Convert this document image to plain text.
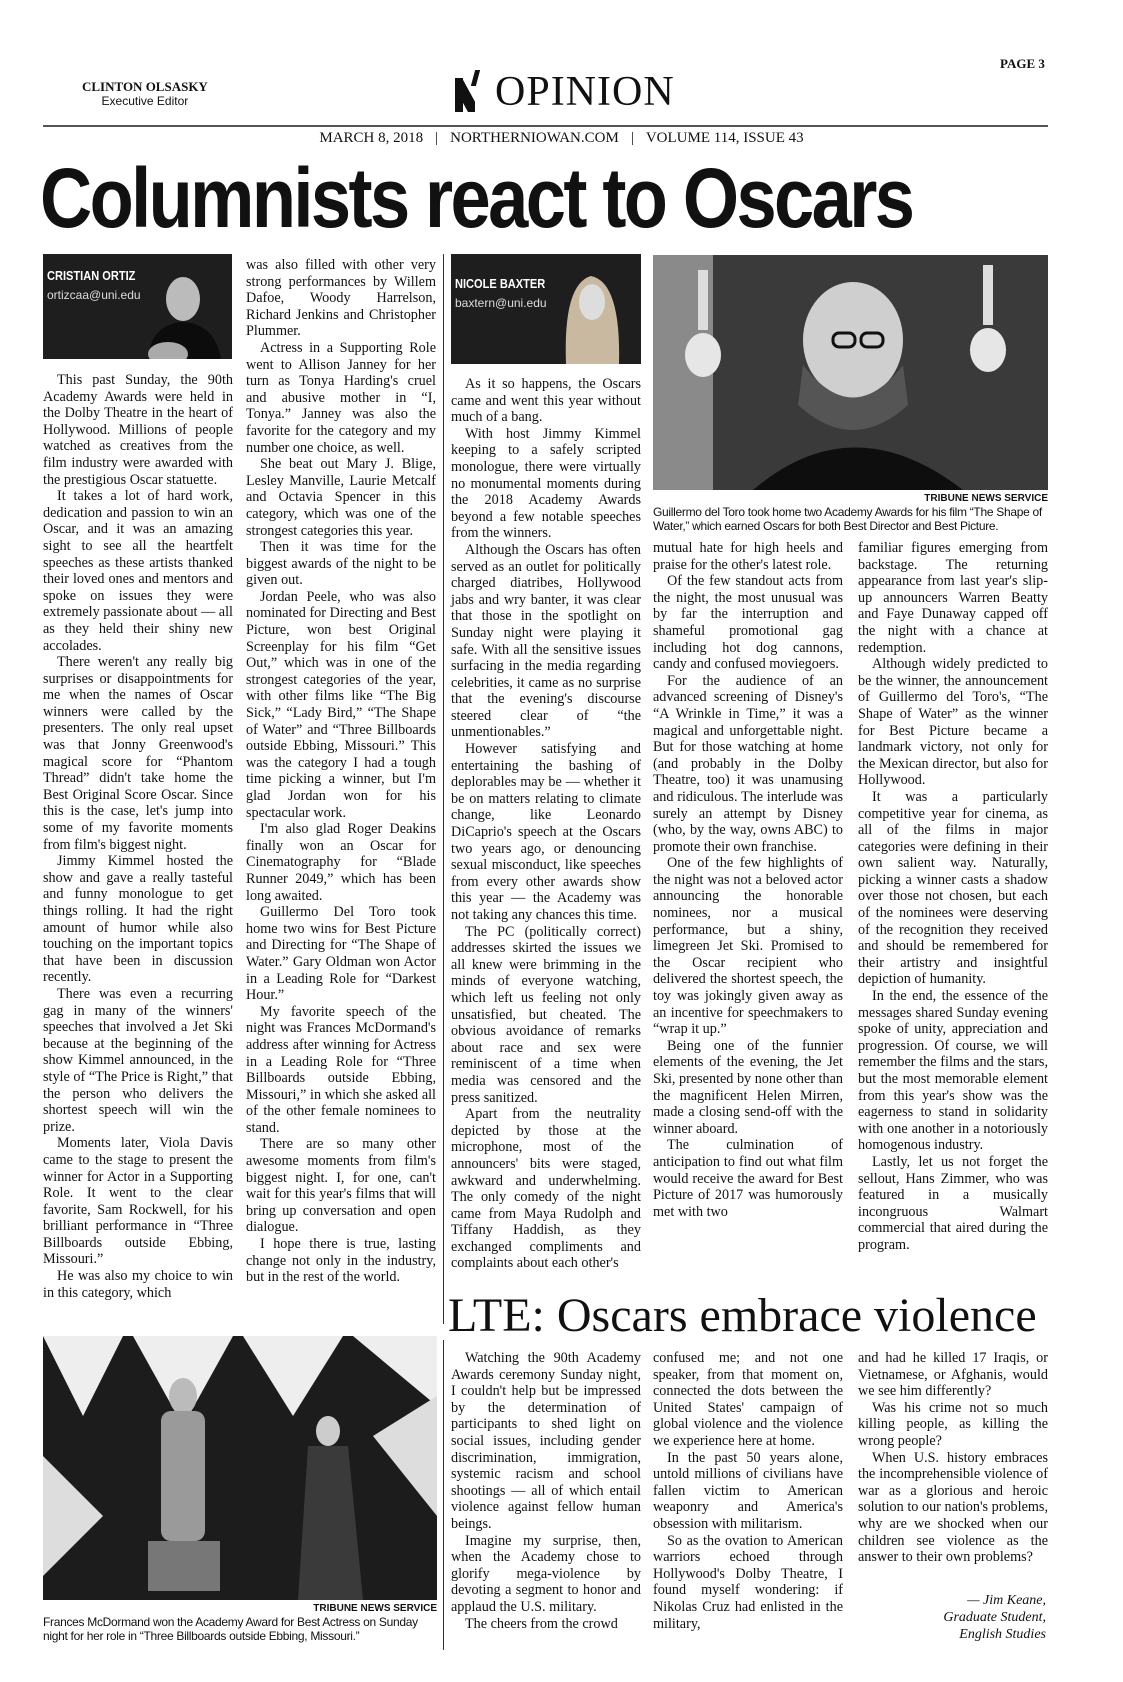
PAGE 3
CLINTON OLSASKY
Executive Editor	OPINION
MARCH 8, 2018 | NORTHERNIOWAN.COM | VOLUME 114, ISSUE 43
Columnists react to Oscars
CRISTIAN ORTIZ
ortizcaa@uni.edu

This past Sunday, the 90th Academy Awards were held in the Dolby Theatre in the heart of Hollywood. Millions of people watched as creatives from the film industry were awarded with the prestigious Oscar statuette.

It takes a lot of hard work, dedication and passion to win an Oscar, and it was an amazing sight to see all the heartfelt speeches as these artists thanked their loved ones and mentors and spoke on issues they were extremely passionate about — all as they held their shiny new accolades.

There weren't any really big surprises or disappointments for me when the names of Oscar winners were called by the presenters. The only real upset was that Jonny Greenwood's magical score for “Phantom Thread” didn't take home the Best Original Score Oscar. Since this is the case, let's jump into some of my favorite moments from film's biggest night.

Jimmy Kimmel hosted the show and gave a really tasteful and funny monologue to get things rolling. It had the right amount of humor while also touching on the important topics that have been in discussion recently.

There was even a recurring gag in many of the winners' speeches that involved a Jet Ski because at the beginning of the show Kimmel announced, in the style of “The Price is Right,” that the person who delivers the shortest speech will win the prize.

Moments later, Viola Davis came to the stage to present the winner for Actor in a Supporting Role. It went to the clear favorite, Sam Rockwell, for his brilliant performance in “Three Billboards outside Ebbing, Missouri.”

He was also my choice to win in this category, which

was also filled with other very strong performances by Willem Dafoe, Woody Harrelson, Richard Jenkins and Christopher Plummer.

Actress in a Supporting Role went to Allison Janney for her turn as Tonya Harding's cruel and abusive mother in “I, Tonya.” Janney was also the favorite for the category and my number one choice, as well.

She beat out Mary J. Blige, Lesley Manville, Laurie Metcalf and Octavia Spencer in this category, which was one of the strongest categories this year.

Then it was time for the biggest awards of the night to be given out.

Jordan Peele, who was also nominated for Directing and Best Picture, won best Original Screenplay for his film “Get Out,” which was in one of the strongest categories of the year, with other films like “The Big Sick,” “Lady Bird,” “The Shape of Water” and “Three Billboards outside Ebbing, Missouri.” This was the category I had a tough time picking a winner, but I'm glad Jordan won for his spectacular work.

I'm also glad Roger Deakins finally won an Oscar for Cinematography for “Blade Runner 2049,” which has been long awaited.

Guillermo Del Toro took home two wins for Best Picture and Directing for “The Shape of Water.” Gary Oldman won Actor in a Leading Role for “Darkest Hour.”

My favorite speech of the night was Frances McDormand's address after winning for Actress in a Leading Role for “Three Billboards outside Ebbing, Missouri,” in which she asked all of the other female nominees to stand.

There are so many other awesome moments from film's biggest night. I, for one, can't wait for this year's films that will bring up conversation and open dialogue.

I hope there is true, lasting change not only in the industry, but in the rest of the world.

NICOLE BAXTER
baxtern@uni.edu

As it so happens, the Oscars came and went this year without much of a bang.

With host Jimmy Kimmel keeping to a safely scripted monologue, there were virtually no monumental moments during the 2018 Academy Awards beyond a few notable speeches from the winners.

Although the Oscars has often served as an outlet for politically charged diatribes, Hollywood jabs and wry banter, it was clear that those in the spotlight on Sunday night were playing it safe. With all the sensitive issues surfacing in the media regarding celebrities, it came as no surprise that the evening's discourse steered clear of “the unmentionables.”

However satisfying and entertaining the bashing of deplorables may be — whether it be on matters relating to climate change, like Leonardo DiCaprio's speech at the Oscars two years ago, or denouncing sexual misconduct, like speeches from every other awards show this year — the Academy was not taking any chances this time.

The PC (politically correct) addresses skirted the issues we all knew were brimming in the minds of everyone watching, which left us feeling not only unsatisfied, but cheated. The obvious avoidance of remarks about race and sex were reminiscent of a time when media was censored and the press sanitized.

Apart from the neutrality depicted by those at the microphone, most of the announcers' bits were staged, awkward and underwhelming. The only comedy of the night came from Maya Rudolph and Tiffany Haddish, as they exchanged compliments and complaints about each other's

mutual hate for high heels and praise for the other's latest role.

Of the few standout acts from the night, the most unusual was by far the interruption and shameful promotional gag including hot dog cannons, candy and confused moviegoers.

For the audience of an advanced screening of Disney's “A Wrinkle in Time,” it was a magical and unforgettable night. But for those watching at home (and probably in the Dolby Theatre, too) it was unamusing and ridiculous. The interlude was surely an attempt by Disney (who, by the way, owns ABC) to promote their own franchise.

One of the few highlights of the night was not a beloved actor announcing the honorable nominees, nor a musical performance, but a shiny, limegreen Jet Ski. Promised to the Oscar recipient who delivered the shortest speech, the toy was jokingly given away as an incentive for speechmakers to “wrap it up.”

Being one of the funnier elements of the evening, the Jet Ski, presented by none other than the magnificent Helen Mirren, made a closing send-off with the winner aboard.

The culmination of anticipation to find out what film would receive the award for Best Picture of 2017 was humorously met with two

familiar figures emerging from backstage. The returning appearance from last year's slip-up announcers Warren Beatty and Faye Dunaway capped off the night with a chance at redemption.

Although widely predicted to be the winner, the announcement of Guillermo del Toro's, “The Shape of Water” as the winner for Best Picture became a landmark victory, not only for the Mexican director, but also for Hollywood.

It was a particularly competitive year for cinema, as all of the films in major categories were defining in their own salient way. Naturally, picking a winner casts a shadow over those not chosen, but each of the nominees were deserving of the recognition they received and should be remembered for their artistry and insightful depiction of humanity.

In the end, the essence of the messages shared Sunday evening spoke of unity, appreciation and progression. Of course, we will remember the films and the stars, but the most memorable element from this year's show was the eagerness to stand in solidarity with one another in a notoriously homogenous industry.

Lastly, let us not forget the sellout, Hans Zimmer, who was featured in a musically incongruous Walmart commercial that aired during the program.

TRIBUNE NEWS SERVICE
Guillermo del Toro took home two Academy Awards for his film “The Shape of Water,” which earned Oscars for both Best Director and Best Picture.
LTE: Oscars embrace violence

Watching the 90th Academy Awards ceremony Sunday night, I couldn't help but be impressed by the determination of participants to shed light on social issues, including gender discrimination, immigration, systemic racism and school shootings — all of which entail violence against fellow human beings.

Imagine my surprise, then, when the Academy chose to glorify mega-violence by devoting a segment to honor and applaud the U.S. military.

The cheers from the crowd

confused me; and not one speaker, from that moment on, connected the dots between the United States' campaign of global violence and the violence we experience here at home.

In the past 50 years alone, untold millions of civilians have fallen victim to American weaponry and America's obsession with militarism.

So as the ovation to American warriors echoed through Hollywood's Dolby Theatre, I found myself wondering: if Nikolas Cruz had enlisted in the military,

and had he killed 17 Iraqis, or Vietnamese, or Afghanis, would we see him differently?

Was his crime not so much killing people, as killing the wrong people?

When U.S. history embraces the incomprehensible violence of war as a glorious and heroic solution to our nation's problems, why are we shocked when our children see violence as the answer to their own problems?

— Jim Keane,
Graduate Student,
English Studies
TRIBUNE NEWS SERVICE
Frances McDormand won the Academy Award for Best Actress on Sunday night for her role in “Three Billboards outside Ebbing, Missouri.”
